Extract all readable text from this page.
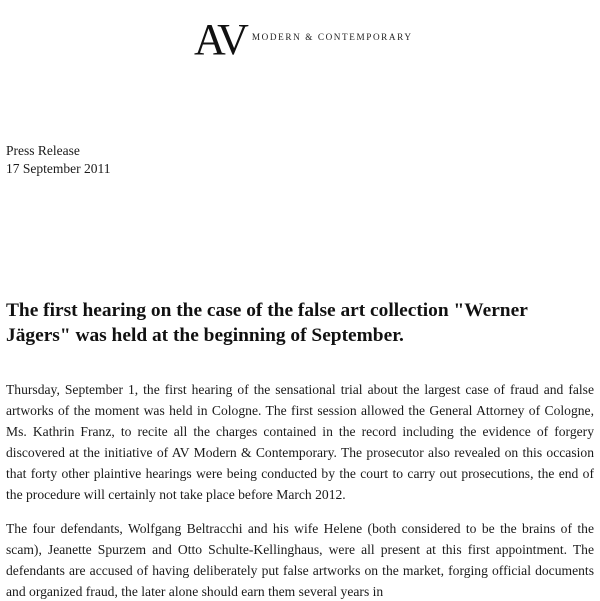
AV MODERN & CONTEMPORARY
Press Release
17 September 2011
The first hearing on the case of the false art collection "Werner Jägers" was held at the beginning of September.

Thursday, September 1, the first hearing of the sensational trial about the largest case of fraud and false artworks of the moment was held in Cologne. The first session allowed the General Attorney of Cologne, Ms. Kathrin Franz, to recite all the charges contained in the record including the evidence of forgery discovered at the initiative of AV Modern & Contemporary. The prosecutor also revealed on this occasion that forty other plaintive hearings were being conducted by the court to carry out prosecutions, the end of the procedure will certainly not take place before March 2012.

The four defendants, Wolfgang Beltracchi and his wife Helene (both considered to be the brains of the scam), Jeanette Spurzem and Otto Schulte-Kellinghaus, were all present at this first appointment. The defendants are accused of having deliberately put false artworks on the market, forging official documents and organized fraud, the later alone should earn them several years in
